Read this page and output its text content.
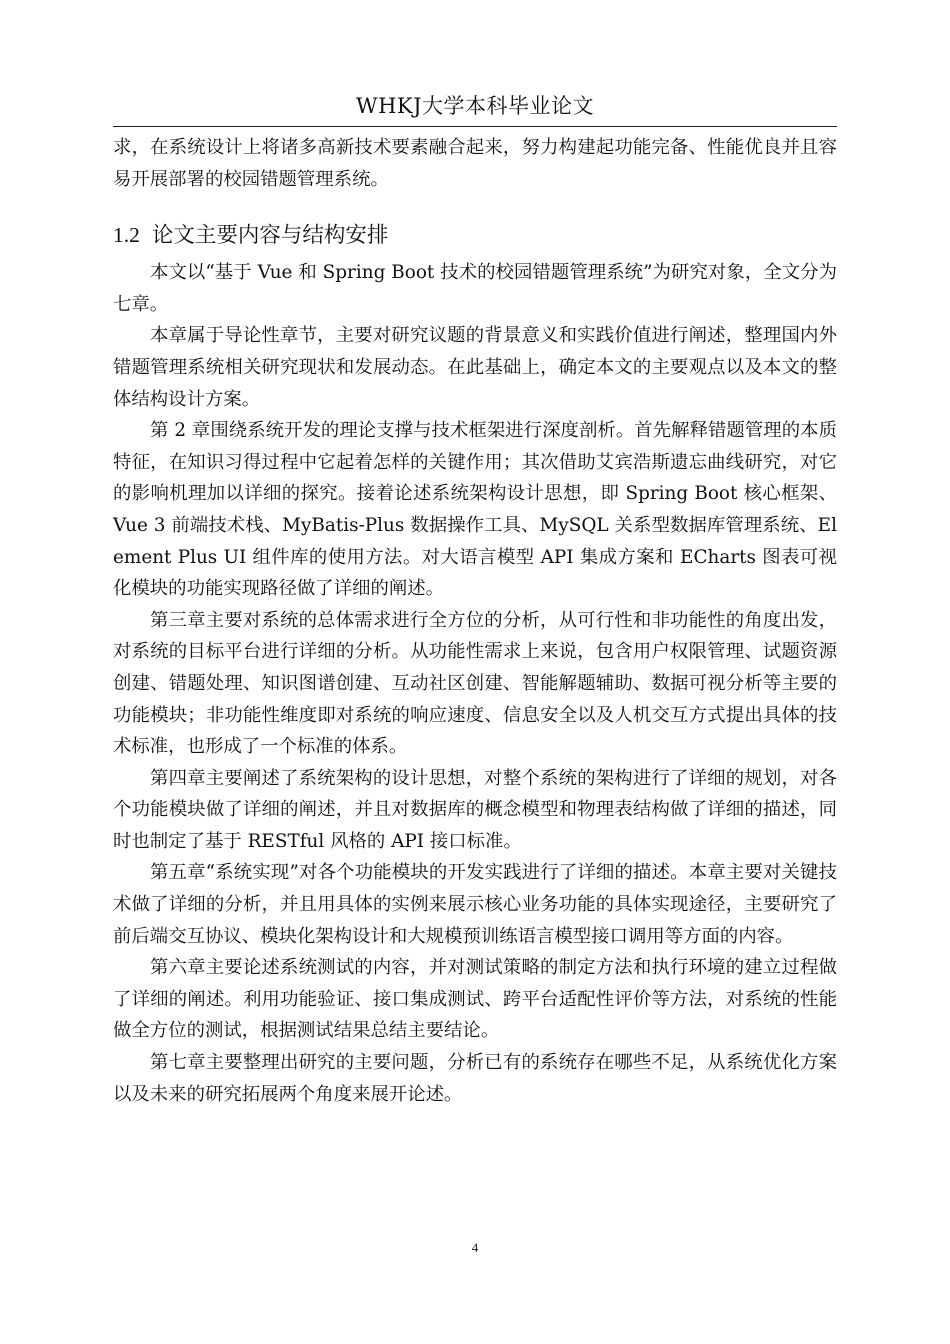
WHKJ大学本科毕业论文

求，在系统设计上将诸多高新技术要素融合起来，努力构建起功能完备、性能优良并且容易开展部署的校园错题管理系统。

1.2 论文主要内容与结构安排

本文以“基于 Vue 和 Spring Boot 技术的校园错题管理系统”为研究对象，全文分为七章。

本章属于导论性章节，主要对研究议题的背景意义和实践价值进行阐述，整理国内外错题管理系统相关研究现状和发展动态。在此基础上，确定本文的主要观点以及本文的整体结构设计方案。

第 2 章围绕系统开发的理论支撑与技术框架进行深度剖析。首先解释错题管理的本质特征，在知识习得过程中它起着怎样的关键作用；其次借助艾宾浩斯遗忘曲线研究，对它的影响机理加以详细的探究。接着论述系统架构设计思想，即 Spring Boot 核心框架、Vue 3 前端技术栈、MyBatis-Plus 数据操作工具、MySQL 关系型数据库管理系统、Element Plus UI 组件库的使用方法。对大语言模型 API 集成方案和 ECharts 图表可视化模块的功能实现路径做了详细的阐述。

第三章主要对系统的总体需求进行全方位的分析，从可行性和非功能性的角度出发，对系统的目标平台进行详细的分析。从功能性需求上来说，包含用户权限管理、试题资源创建、错题处理、知识图谱创建、互动社区创建、智能解题辅助、数据可视分析等主要的功能模块；非功能性维度即对系统的响应速度、信息安全以及人机交互方式提出具体的技术标准，也形成了一个标准的体系。

第四章主要阐述了系统架构的设计思想，对整个系统的架构进行了详细的规划，对各个功能模块做了详细的阐述，并且对数据库的概念模型和物理表结构做了详细的描述，同时也制定了基于 RESTful 风格的 API 接口标准。

第五章“系统实现”对各个功能模块的开发实践进行了详细的描述。本章主要对关键技术做了详细的分析，并且用具体的实例来展示核心业务功能的具体实现途径，主要研究了前后端交互协议、模块化架构设计和大规模预训练语言模型接口调用等方面的内容。

第六章主要论述系统测试的内容，并对测试策略的制定方法和执行环境的建立过程做了详细的阐述。利用功能验证、接口集成测试、跨平台适配性评价等方法，对系统的性能做全方位的测试，根据测试结果总结主要结论。

第七章主要整理出研究的主要问题，分析已有的系统存在哪些不足，从系统优化方案以及未来的研究拓展两个角度来展开论述。

4
